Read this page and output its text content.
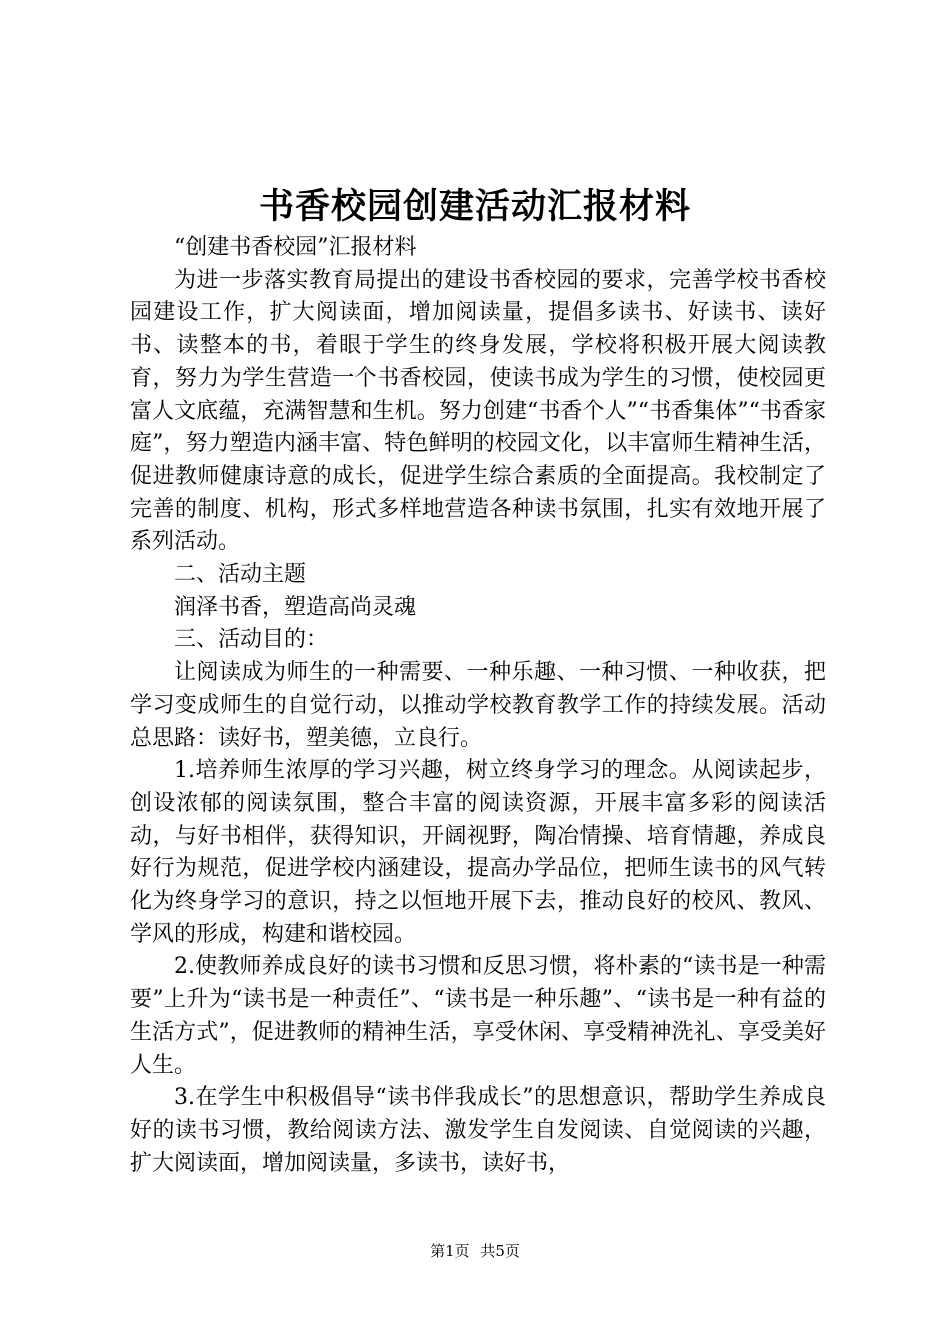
书香校园创建活动汇报材料

“创建书香校园”汇报材料

为进一步落实教育局提出的建设书香校园的要求，完善学校书香校园建设工作，扩大阅读面，增加阅读量，提倡多读书、好读书、读好书、读整本的书，着眼于学生的终身发展，学校将积极开展大阅读教育，努力为学生营造一个书香校园，使读书成为学生的习惯，使校园更富人文底蕴，充满智慧和生机。努力创建“书香个人”“书香集体”“书香家庭”，努力塑造内涵丰富、特色鲜明的校园文化，以丰富师生精神生活，促进教师健康诗意的成长，促进学生综合素质的全面提高。我校制定了完善的制度、机构，形式多样地营造各种读书氛围，扎实有效地开展了系列活动。

二、活动主题

润泽书香，塑造高尚灵魂

三、活动目的：

让阅读成为师生的一种需要、一种乐趣、一种习惯、一种收获，把学习变成师生的自觉行动，以推动学校教育教学工作的持续发展。活动总思路：读好书，塑美德，立良行。

1.培养师生浓厚的学习兴趣，树立终身学习的理念。从阅读起步，创设浓郁的阅读氛围，整合丰富的阅读资源，开展丰富多彩的阅读活动，与好书相伴，获得知识，开阔视野，陶冶情操、培育情趣，养成良好行为规范，促进学校内涵建设，提高办学品位，把师生读书的风气转化为终身学习的意识，持之以恒地开展下去，推动良好的校风、教风、学风的形成，构建和谐校园。

2.使教师养成良好的读书习惯和反思习惯，将朴素的“读书是一种需要”上升为“读书是一种责任”、“读书是一种乐趣”、“读书是一种有益的生活方式”，促进教师的精神生活，享受休闲、享受精神洗礼、享受美好人生。

3.在学生中积极倡导“读书伴我成长”的思想意识，帮助学生养成良好的读书习惯，教给阅读方法、激发学生自发阅读、自觉阅读的兴趣，扩大阅读面，增加阅读量，多读书，读好书，

第1页 共5页
